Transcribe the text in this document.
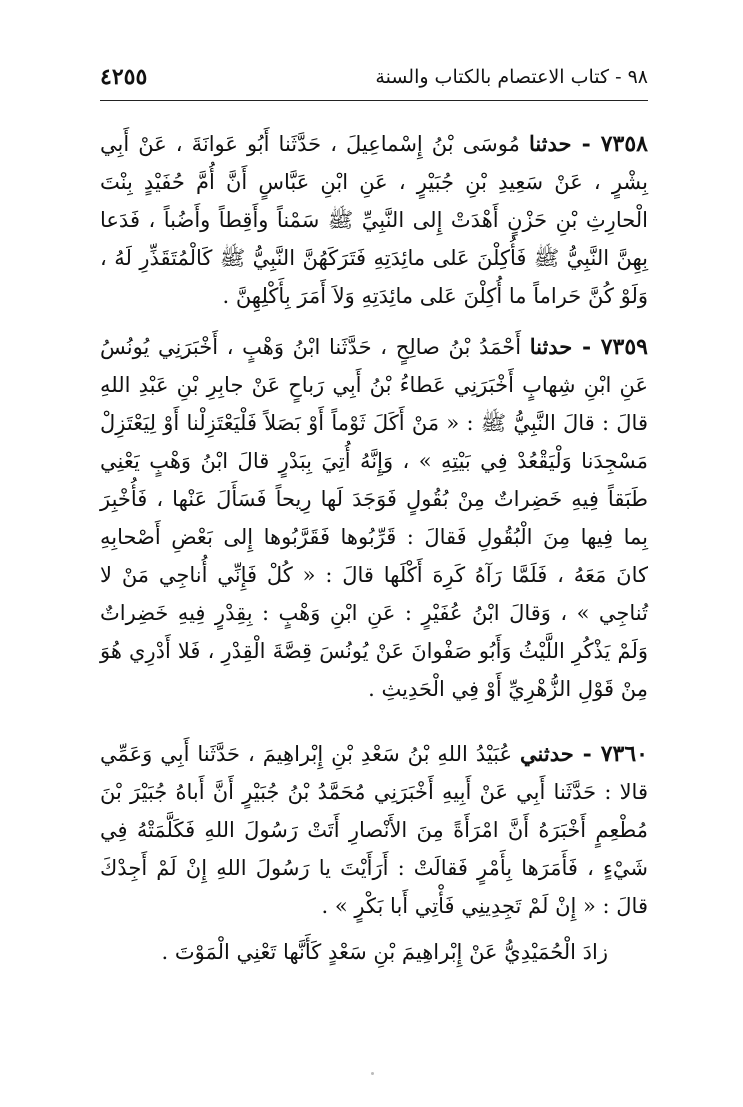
٩٨ - كتاب الاعتصام بالكتاب والسنة
٤٢٥٥

٧٣٥٨ - حدثنا مُوسَى بْنُ إِسْماعِيلَ ، حَدَّثَنا أَبُو عَوانَةَ ، عَنْ أَبِي بِشْرٍ ، عَنْ سَعِيدِ بْنِ جُبَيْرٍ ، عَنِ ابْنِ عَبَّاسٍ أَنَّ أُمَّ حُفَيْدٍ بِنْتَ الْحارِثِ بْنِ حَزْنٍ أَهْدَتْ إِلى النَّبِيِّ ﷺ سَمْناً وأَقِطاً وأَضُباً ، فَدَعا بِهِنَّ النَّبِيُّ ﷺ فَأُكِلْنَ عَلى مائِدَتِهِ فَتَرَكَهُنَّ النَّبِيُّ ﷺ كَالْمُتَقَذِّرِ لَهُ ، وَلَوْ كُنَّ حَراماً ما أُكِلْنَ عَلى مائِدَتِهِ وَلاَ أَمَرَ بِأَكْلِهِنَّ .

٧٣٥٩ - حدثنا أَحْمَدُ بْنُ صالِحٍ ، حَدَّثَنا ابْنُ وَهْبٍ ، أَخْبَرَنِي يُونُسُ عَنِ ابْنِ شِهابٍ أَخْبَرَنِي عَطاءُ بْنُ أَبِي رَباحٍ عَنْ جابِرِ بْنِ عَبْدِ اللهِ قالَ : قالَ النَّبِيُّ ﷺ : « مَنْ أَكَلَ ثَوْماً أَوْ بَصَلاً فَلْيَعْتَزِلْنا أَوْ لِيَعْتَزِلْ مَسْجِدَنا وَلْيَقْعُدْ فِي بَيْتِهِ » ، وَإِنَّهُ أُتِيَ بِبَدْرٍ قالَ ابْنُ وَهْبٍ يَعْنِي طَبَقاً فِيهِ خَضِراتٌ مِنْ بُقُولٍ فَوَجَدَ لَها رِيحاً فَسَأَلَ عَنْها ، فَأُخْبِرَ بِما فِيها مِنَ الْبُقُولِ فَقالَ : قَرِّبُوها فَقَرَّبُوها إِلى بَعْضِ أَصْحابِهِ كانَ مَعَهُ ، فَلَمَّا رَآهُ كَرِهَ أَكْلَها قالَ : « كُلْ فَإِنِّي أُناجِي مَنْ لا تُناجِي » ، وَقالَ ابْنُ عُفَيْرٍ : عَنِ ابْنِ وَهْبٍ : بِقِدْرٍ فِيهِ خَضِراتٌ وَلَمْ يَذْكُرِ اللَّيْثُ وَأَبُو صَفْوانَ عَنْ يُونُسَ قِصَّةَ الْقِدْرِ ، فَلا أَدْرِي هُوَ مِنْ قَوْلِ الزُّهْرِيِّ أَوْ فِي الْحَدِيثِ .

٧٣٦٠ - حدثني عُبَيْدُ اللهِ بْنُ سَعْدِ بْنِ إِبْراهِيمَ ، حَدَّثَنا أَبِي وَعَمِّي قالا : حَدَّثَنا أَبِي عَنْ أَبِيهِ أَخْبَرَنِي مُحَمَّدُ بْنُ جُبَيْرٍ أَنَّ أَباهُ جُبَيْرَ بْنَ مُطْعِمٍ أَخْبَرَهُ أَنَّ امْرَأَةً مِنَ الأَنْصارِ أَتَتْ رَسُولَ اللهِ فَكَلَّمَتْهُ فِي شَيْءٍ ، فَأَمَرَها بِأَمْرٍ فَقالَتْ : أَرَأَيْتَ يا رَسُولَ اللهِ إِنْ لَمْ أَجِدْكَ قالَ : « إِنْ لَمْ تَجِدِينِي فَأْتِي أَبا بَكْرٍ » .

زادَ الْحُمَيْدِيُّ عَنْ إِبْراهِيمَ بْنِ سَعْدٍ كَأَنَّها تَعْنِي الْمَوْتَ .
